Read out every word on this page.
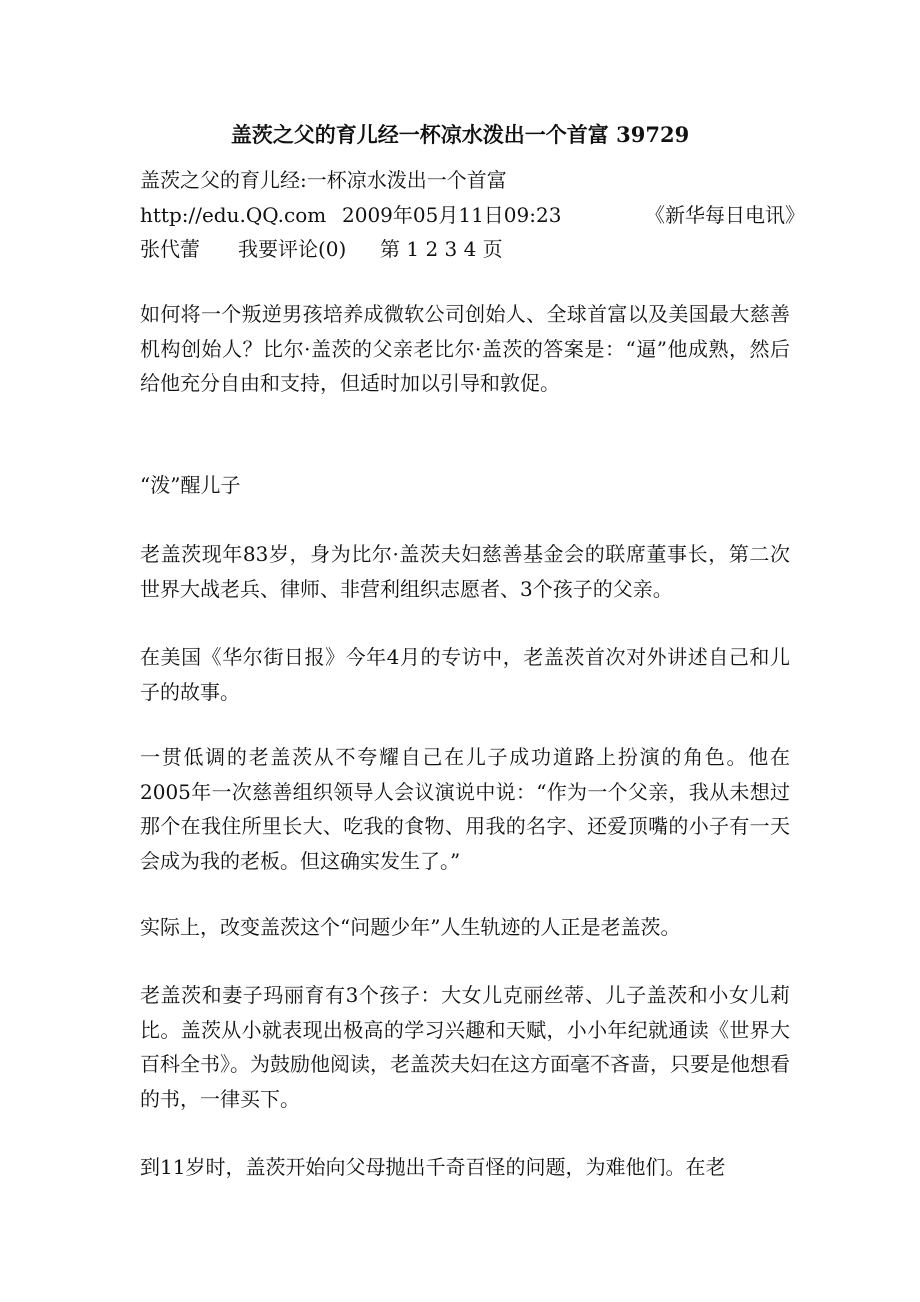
盖茨之父的育儿经一杯凉水泼出一个首富 39729
盖茨之父的育儿经:一杯凉水泼出一个首富
http://edu.QQ.com 2009年05月11日09:23	《新华每日电讯》
张代蕾 我要评论(0) 第 1 2 3 4 页

如何将一个叛逆男孩培养成微软公司创始人、全球首富以及美国最大慈善机构创始人？比尔·盖茨的父亲老比尔·盖茨的答案是：“逼”他成熟，然后给他充分自由和支持，但适时加以引导和敦促。

“泼”醒儿子

老盖茨现年83岁，身为比尔·盖茨夫妇慈善基金会的联席董事长，第二次世界大战老兵、律师、非营利组织志愿者、3个孩子的父亲。

在美国《华尔街日报》今年4月的专访中，老盖茨首次对外讲述自己和儿子的故事。

一贯低调的老盖茨从不夸耀自己在儿子成功道路上扮演的角色。他在2005年一次慈善组织领导人会议演说中说：“作为一个父亲，我从未想过那个在我住所里长大、吃我的食物、用我的名字、还爱顶嘴的小子有一天会成为我的老板。但这确实发生了。”

实际上，改变盖茨这个“问题少年”人生轨迹的人正是老盖茨。

老盖茨和妻子玛丽育有3个孩子：大女儿克丽丝蒂、儿子盖茨和小女儿莉比。盖茨从小就表现出极高的学习兴趣和天赋，小小年纪就通读《世界大百科全书》。为鼓励他阅读，老盖茨夫妇在这方面毫不吝啬，只要是他想看的书，一律买下。

到11岁时，盖茨开始向父母抛出千奇百怪的问题，为难他们。在老
